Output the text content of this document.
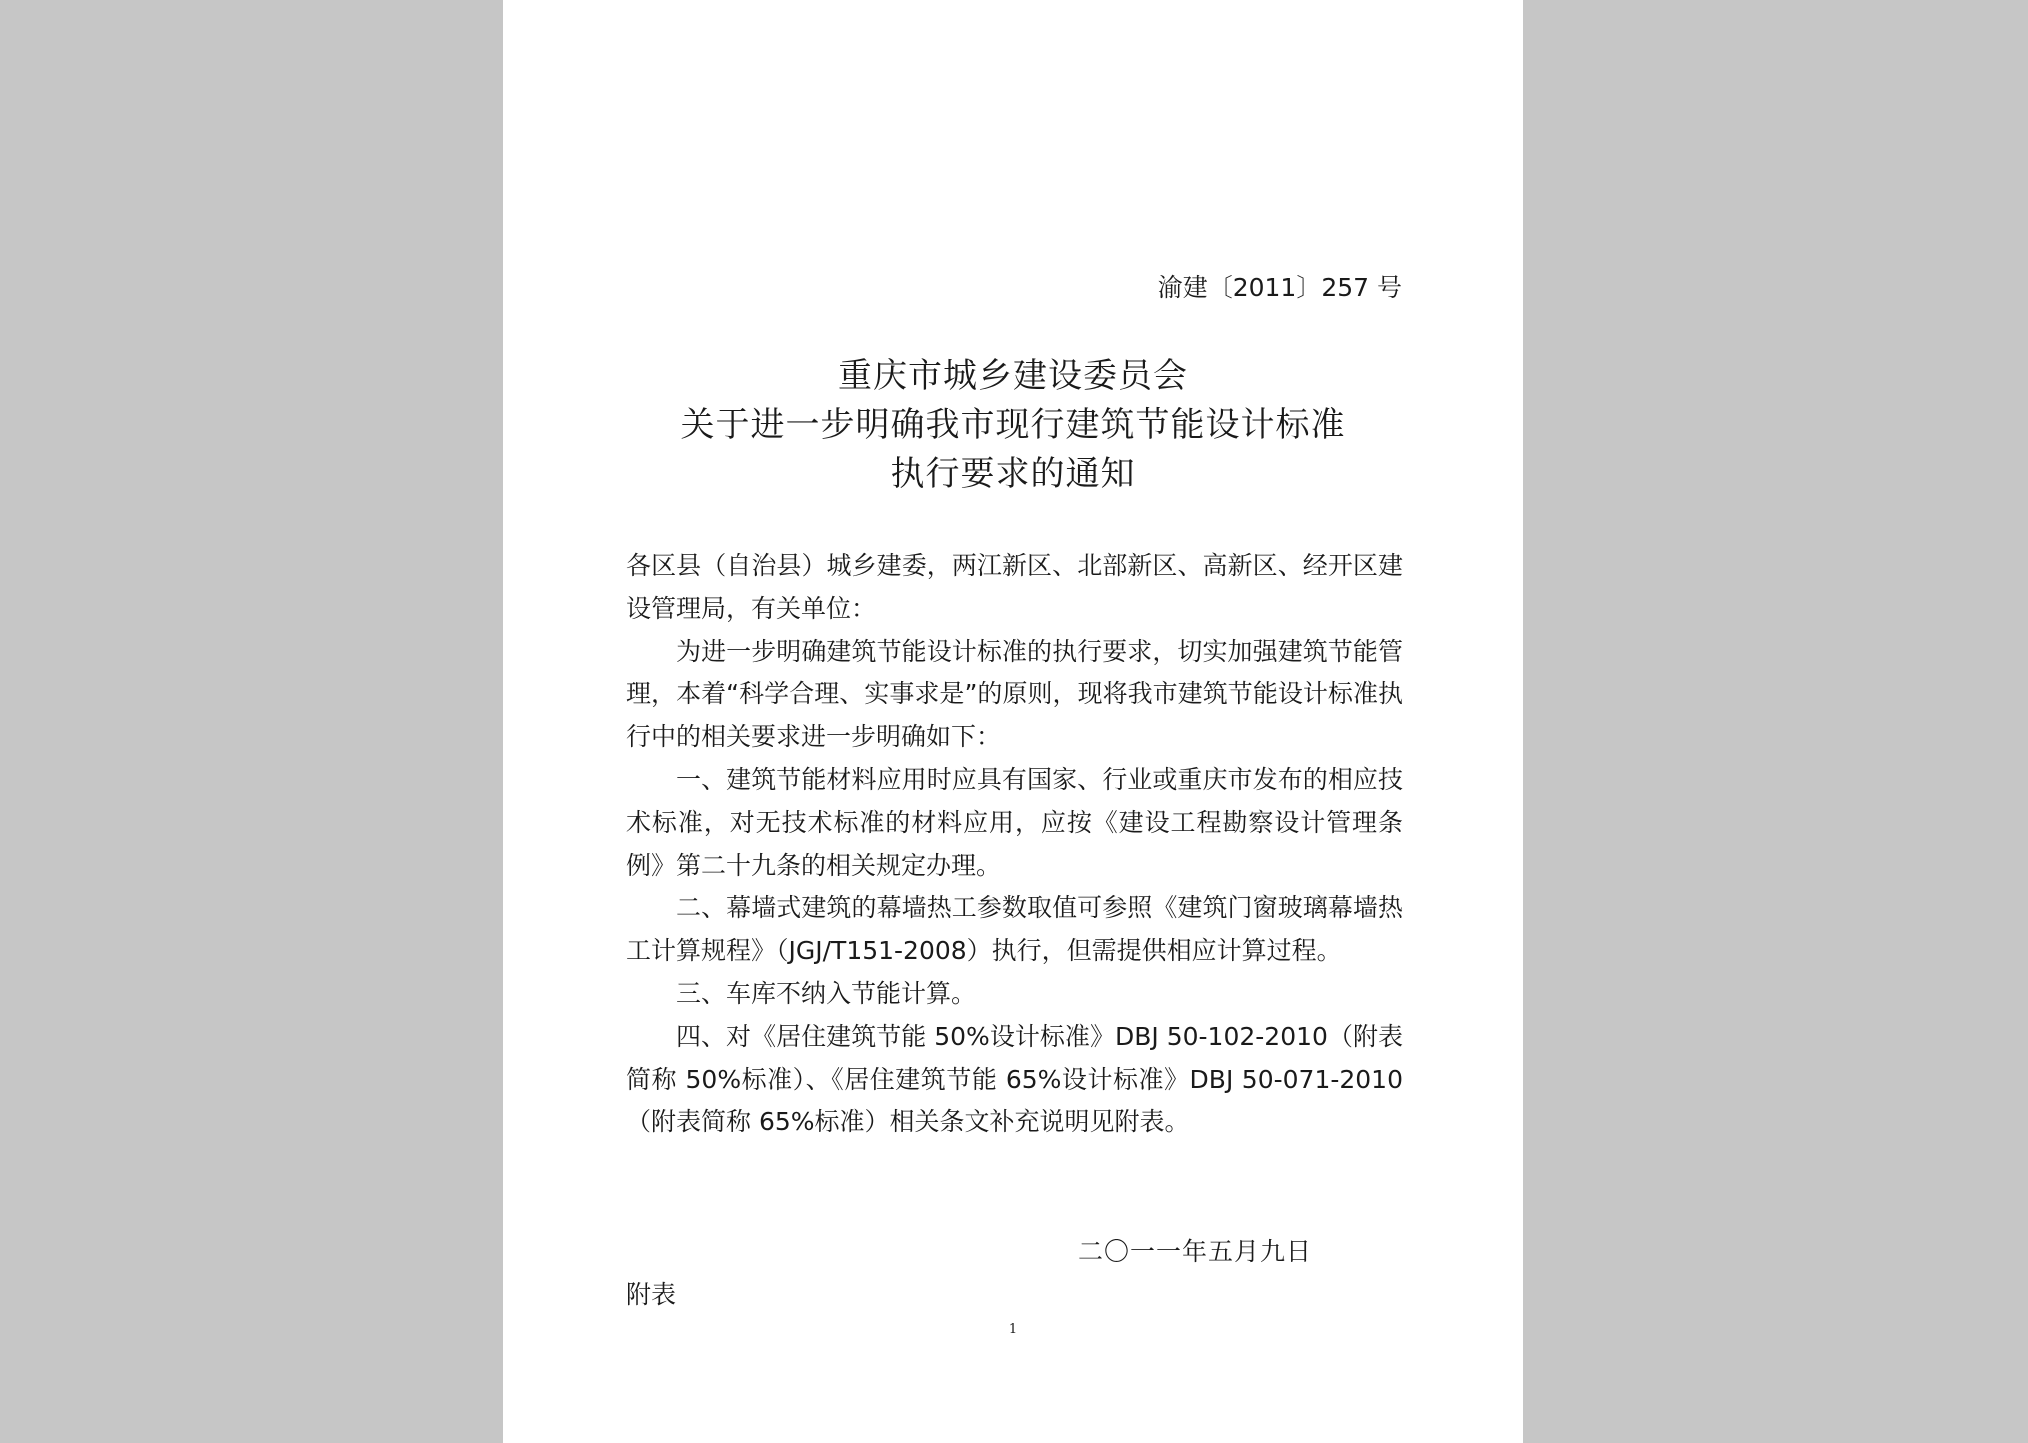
渝建〔2011〕257 号
重庆市城乡建设委员会
关于进一步明确我市现行建筑节能设计标准
执行要求的通知

各区县（自治县）城乡建委，两江新区、北部新区、高新区、经开区建设管理局，有关单位：

为进一步明确建筑节能设计标准的执行要求，切实加强建筑节能管理，本着“科学合理、实事求是”的原则，现将我市建筑节能设计标准执行中的相关要求进一步明确如下：

一、建筑节能材料应用时应具有国家、行业或重庆市发布的相应技术标准，对无技术标准的材料应用，应按《建设工程勘察设计管理条例》第二十九条的相关规定办理。

二、幕墙式建筑的幕墙热工参数取值可参照《建筑门窗玻璃幕墙热工计算规程》（JGJ/T151-2008）执行，但需提供相应计算过程。

三、车库不纳入节能计算。

四、对《居住建筑节能 50%设计标准》DBJ 50-102-2010（附表简称 50%标准）、《居住建筑节能 65%设计标准》DBJ 50-071-2010（附表简称 65%标准）相关条文补充说明见附表。

二〇一一年五月九日
附表
1
